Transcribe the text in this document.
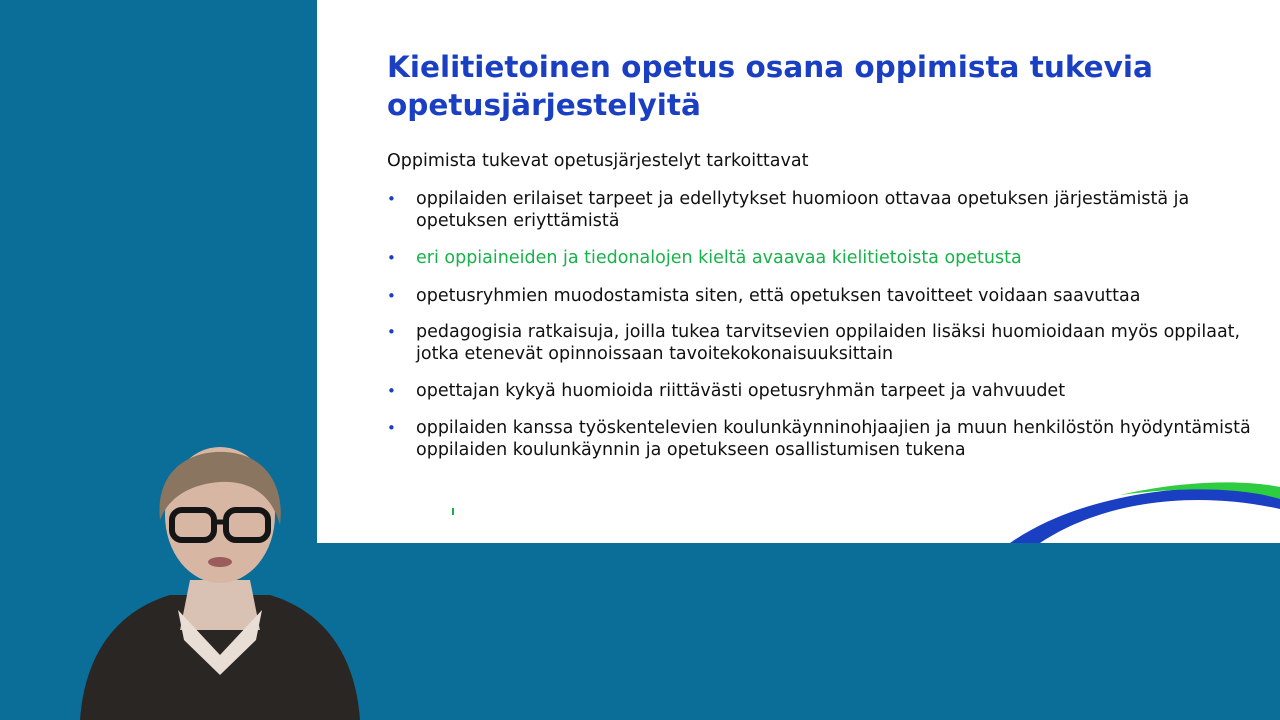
Kielitietoinen opetus osana oppimista tukevia opetusjärjestelyitä

Oppimista tukevat opetusjärjestelyt tarkoittavat

• oppilaiden erilaiset tarpeet ja edellytykset huomioon ottavaa opetuksen järjestämistä ja opetuksen eriyttämistä
• eri oppiaineiden ja tiedonalojen kieltä avaavaa kielitietoista opetusta
• opetusryhmien muodostamista siten, että opetuksen tavoitteet voidaan saavuttaa
• pedagogisia ratkaisuja, joilla tukea tarvitsevien oppilaiden lisäksi huomioidaan myös oppilaat, jotka etenevät opinnoissaan tavoitekokonaisuuksittain
• opettajan kykyä huomioida riittävästi opetusryhmän tarpeet ja vahvuudet
• oppilaiden kanssa työskentelevien koulunkäynninohjaajien ja muun henkilöstön hyödyntämistä oppilaiden koulunkäynnin ja opetukseen osallistumisen tukena
